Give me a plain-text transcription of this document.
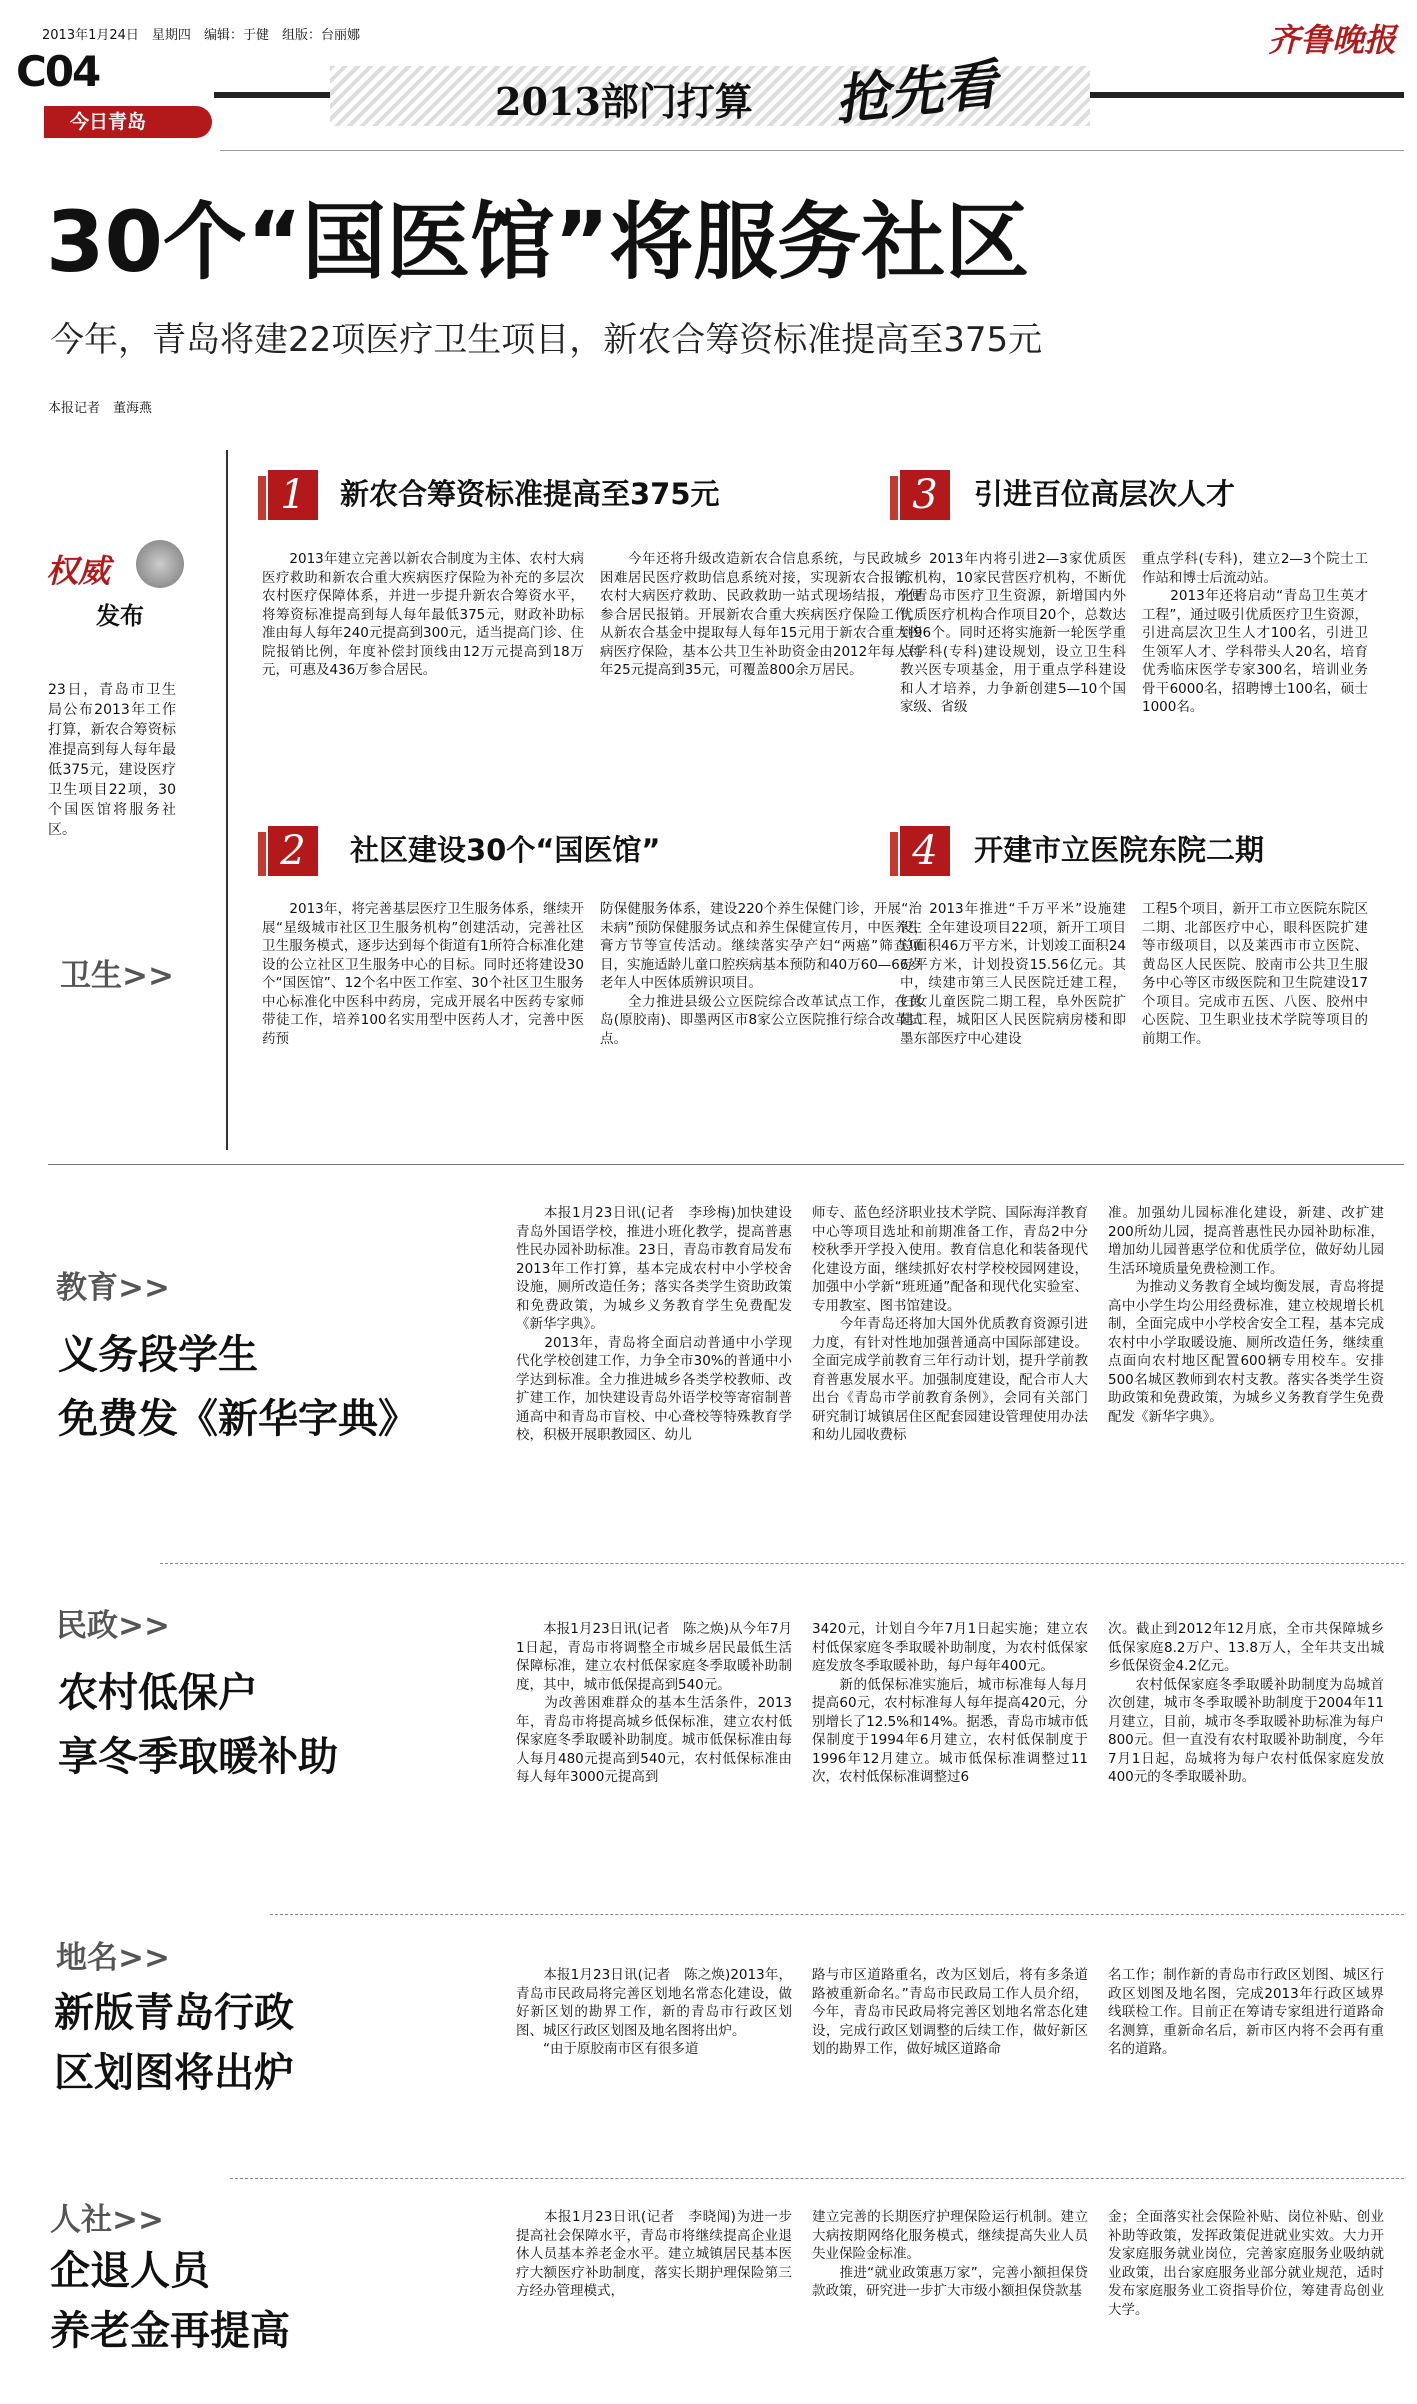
2013年1月24日　 星期四　 编辑：于健　 组版：台丽娜
C04
今日青岛	2013部门打算 抢先看
齐鲁晚报
30个“国医馆”将服务社区
今年，青岛将建22项医疗卫生项目，新农合筹资标准提高至375元
本报记者　董海燕
权威
发布
23日，青岛市卫生局公布2013年工作打算，新农合筹资标准提高到每人每年最低375元，建设医疗卫生项目22项，30个国医馆将服务社区。
卫生>>
1	新农合筹资标准提高至375元
　　2013年建立完善以新农合制度为主体、农村大病医疗救助和新农合重大疾病医疗保险为补充的多层次农村医疗保障体系，并进一步提升新农合筹资水平，将筹资标准提高到每人每年最低375元，财政补助标准由每人每年240元提高到300元，适当提高门诊、住院报销比例，年度补偿封顶线由12万元提高到18万元，可惠及436万参合居民。
　　今年还将升级改造新农合信息系统，与民政城乡困难居民医疗救助信息系统对接，实现新农合报销、农村大病医疗救助、民政救助一站式现场结报，方便参合居民报销。开展新农合重大疾病医疗保险工作，从新农合基金中提取每人每年15元用于新农合重大疾病医疗保险，基本公共卫生补助资金由2012年每人每年25元提高到35元，可覆盖800余万居民。
2	社区建设30个“国医馆”
　　2013年，将完善基层医疗卫生服务体系，继续开展“星级城市社区卫生服务机构”创建活动，完善社区卫生服务模式，逐步达到每个街道有1所符合标准化建设的公立社区卫生服务中心的目标。同时还将建设30个“国医馆”、12个名中医工作室、30个社区卫生服务中心标准化中医科中药房，完成开展名中医药专家师带徒工作，培养100名实用型中医药人才，完善中医药预
防保健服务体系，建设220个养生保健门诊，开展“治未病”预防保健服务试点和养生保健宣传月，中医养生膏方节等宣传活动。继续落实孕产妇“两癌”筛查项目，实施适龄儿童口腔疾病基本预防和40万60—66岁老年人中医体质辨识项目。
　　全力推进县级公立医院综合改革试点工作，在黄岛(原胶南)、即墨两区市8家公立医院推行综合改革试点。
3	引进百位高层次人才
　　2013年内将引进2—3家优质医疗机构，10家民营医疗机构，不断优化青岛市医疗卫生资源，新增国内外优质医疗机构合作项目20个，总数达到96个。同时还将实施新一轮医学重点学科(专科)建设规划，设立卫生科教兴医专项基金，用于重点学科建设和人才培养，力争新创建5—10个国家级、省级
重点学科(专科)，建立2—3个院士工作站和博士后流动站。
　　2013年还将启动“青岛卫生英才工程”，通过吸引优质医疗卫生资源，引进高层次卫生人才100名，引进卫生领军人才、学科带头人20名，培育优秀临床医学专家300名，培训业务骨干6000名，招聘博士100名，硕士1000名。
4	开建市立医院东院二期
　　2013年推进“千万平米”设施建设，全年建设项目22项，新开工项目总面积46万平方米，计划竣工面积24万平方米，计划投资15.56亿元。其中，续建市第三人民医院迁建工程，妇女儿童医院二期工程，阜外医院扩建工程，城阳区人民医院病房楼和即墨东部医疗中心建设
工程5个项目，新开工市立医院东院区二期、北部医疗中心，眼科医院扩建等市级项目，以及莱西市市立医院、黄岛区人民医院、胶南市公共卫生服务中心等区市级医院和卫生院建设17个项目。完成市五医、八医、胶州中心医院、卫生职业技术学院等项目的前期工作。
教育>>
义务段学生
免费发《新华字典》
　　本报1月23日讯(记者　李珍梅)加快建设青岛外国语学校，推进小班化教学，提高普惠性民办园补助标准。23日，青岛市教育局发布2013年工作打算，基本完成农村中小学校舍设施，厕所改造任务；落实各类学生资助政策和免费政策，为城乡义务教育学生免费配发《新华字典》。
　　2013年，青岛将全面启动普通中小学现代化学校创建工作，力争全市30%的普通中小学达到标准。全力推进城乡各类学校教师、改扩建工作，加快建设青岛外语学校等寄宿制普通高中和青岛市盲校、中心聋校等特殊教育学校，积极开展职教园区、幼儿
师专、蓝色经济职业技术学院、国际海洋教育中心等项目选址和前期准备工作，青岛2中分校秋季开学投入使用。教育信息化和装备现代化建设方面，继续抓好农村学校校园网建设，加强中小学新“班班通”配备和现代化实验室、专用教室、图书馆建设。
　　今年青岛还将加大国外优质教育资源引进力度，有针对性地加强普通高中国际部建设。全面完成学前教育三年行动计划，提升学前教育普惠发展水平。加强制度建设，配合市人大出台《青岛市学前教育条例》，会同有关部门研究制订城镇居住区配套园建设管理使用办法和幼儿园收费标
准。加强幼儿园标准化建设，新建、改扩建200所幼儿园，提高普惠性民办园补助标准，增加幼儿园普惠学位和优质学位，做好幼儿园生活环境质量免费检测工作。
　　为推动义务教育全域均衡发展，青岛将提高中小学生均公用经费标准，建立校规增长机制，全面完成中小学校舍安全工程，基本完成农村中小学取暖设施、厕所改造任务，继续重点面向农村地区配置600辆专用校车。安排500名城区教师到农村支教。落实各类学生资助政策和免费政策，为城乡义务教育学生免费配发《新华字典》。
民政>>
农村低保户
享冬季取暖补助
　　本报1月23日讯(记者　陈之焕)从今年7月1日起，青岛市将调整全市城乡居民最低生活保障标准，建立农村低保家庭冬季取暖补助制度，其中，城市低保提高到540元。
　　为改善困难群众的基本生活条件，2013年，青岛市将提高城乡低保标准，建立农村低保家庭冬季取暖补助制度。城市低保标准由每人每月480元提高到540元，农村低保标准由每人每年3000元提高到
3420元，计划自今年7月1日起实施；建立农村低保家庭冬季取暖补助制度，为农村低保家庭发放冬季取暖补助，每户每年400元。
　　新的低保标准实施后，城市标准每人每月提高60元，农村标准每人每年提高420元，分别增长了12.5%和14%。据悉，青岛市城市低保制度于1994年6月建立，农村低保制度于1996年12月建立。城市低保标准调整过11次，农村低保标准调整过6
次。截止到2012年12月底，全市共保障城乡低保家庭8.2万户、13.8万人，全年共支出城乡低保资金4.2亿元。
　　农村低保家庭冬季取暖补助制度为岛城首次创建，城市冬季取暖补助制度于2004年11月建立，目前，城市冬季取暖补助标准为每户800元。但一直没有农村取暖补助制度，今年7月1日起，岛城将为每户农村低保家庭发放400元的冬季取暖补助。
地名>>
新版青岛行政
区划图将出炉
　　本报1月23日讯(记者　陈之焕)2013年，青岛市民政局将完善区划地名常态化建设，做好新区划的勘界工作，新的青岛市行政区划图、城区行政区划图及地名图将出炉。
　　“由于原胶南市区有很多道
路与市区道路重名，改为区划后，将有多条道路被重新命名。”青岛市民政局工作人员介绍，今年，青岛市民政局将完善区划地名常态化建设，完成行政区划调整的后续工作，做好新区划的勘界工作，做好城区道路命
名工作；制作新的青岛市行政区划图、城区行政区划图及地名图，完成2013年行政区域界线联检工作。目前正在筹请专家组进行道路命名测算，重新命名后，新市区内将不会再有重名的道路。
人社>>
企退人员
养老金再提高
　　本报1月23日讯(记者　李晓闻)为进一步提高社会保障水平，青岛市将继续提高企业退休人员基本养老金水平。建立城镇居民基本医疗大额医疗补助制度，落实长期护理保险第三方经办管理模式，
建立完善的长期医疗护理保险运行机制。建立大病按期网络化服务模式，继续提高失业人员失业保险金标准。
　　推进“就业政策惠万家”，完善小额担保贷款政策，研究进一步扩大市级小额担保贷款基
金；全面落实社会保险补贴、岗位补贴、创业补助等政策，发挥政策促进就业实效。大力开发家庭服务就业岗位，完善家庭服务业吸纳就业政策，出台家庭服务业部分就业规范，适时发布家庭服务业工资指导价位，筹建青岛创业大学。
